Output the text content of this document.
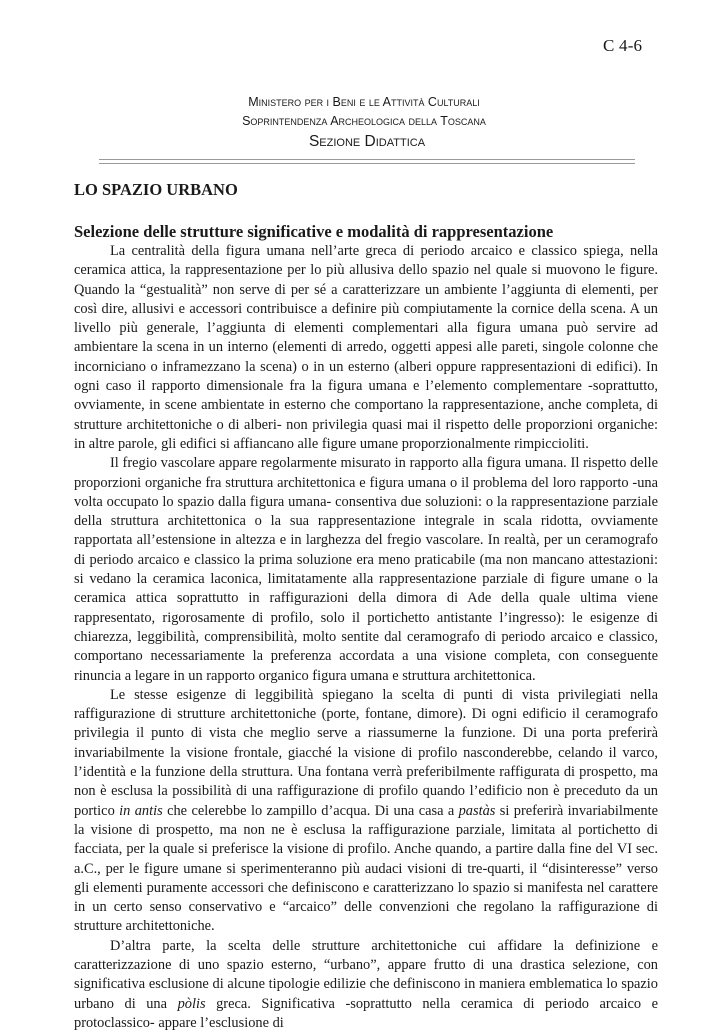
C 4-6
Ministero per i Beni e le Attività Culturali
Soprintendenza Archeologica della Toscana
Sezione Didattica
LO SPAZIO URBANO
Selezione delle strutture significative e modalità di rappresentazione

La centralità della figura umana nell’arte greca di periodo arcaico e classico spiega, nella ceramica attica, la rappresentazione per lo più allusiva dello spazio nel quale si muovono le figure. Quando la “gestualità” non serve di per sé a caratterizzare un ambiente l’aggiunta di elementi, per così dire, allusivi e accessori contribuisce a definire più compiutamente la cornice della scena. A un livello più generale, l’aggiunta di elementi complementari alla figura umana può servire ad ambientare la scena in un interno (elementi di arredo, oggetti appesi alle pareti, singole colonne che incorniciano o inframezzano la scena) o in un esterno (alberi oppure rappresentazioni di edifici). In ogni caso il rapporto dimensionale fra la figura umana e l’elemento complementare -soprattutto, ovviamente, in scene ambientate in esterno che comportano la rappresentazione, anche completa, di strutture architettoniche o di alberi- non privilegia quasi mai il rispetto delle proporzioni organiche: in altre parole, gli edifici si affiancano alle figure umane proporzionalmente rimpiccioliti.

Il fregio vascolare appare regolarmente misurato in rapporto alla figura umana. Il rispetto delle proporzioni organiche fra struttura architettonica e figura umana o il problema del loro rapporto -una volta occupato lo spazio dalla figura umana- consentiva due soluzioni: o la rappresentazione parziale della struttura architettonica o la sua rappresentazione integrale in scala ridotta, ovviamente rapportata all’estensione in altezza e in larghezza del fregio vascolare. In realtà, per un ceramografo di periodo arcaico e classico la prima soluzione era meno praticabile (ma non mancano attestazioni: si vedano la ceramica laconica, limitatamente alla rappresentazione parziale di figure umane o la ceramica attica soprattutto in raffigurazioni della dimora di Ade della quale ultima viene rappresentato, rigorosamente di profilo, solo il portichetto antistante l’ingresso): le esigenze di chiarezza, leggibilità, comprensibilità, molto sentite dal ceramografo di periodo arcaico e classico, comportano necessariamente la preferenza accordata a una visione completa, con conseguente rinuncia a legare in un rapporto organico figura umana e struttura architettonica.

Le stesse esigenze di leggibilità spiegano la scelta di punti di vista privilegiati nella raffigurazione di strutture architettoniche (porte, fontane, dimore). Di ogni edificio il ceramografo privilegia il punto di vista che meglio serve a riassumerne la funzione. Di una porta preferirà invariabilmente la visione frontale, giacché la visione di profilo nasconderebbe, celando il varco, l’identità e la funzione della struttura. Una fontana verrà preferibilmente raffigurata di prospetto, ma non è esclusa la possibilità di una raffigurazione di profilo quando l’edificio non è preceduto da un portico in antis che celerebbe lo zampillo d’acqua. Di una casa a pastàs si preferirà invariabilmente la visione di prospetto, ma non ne è esclusa la raffigurazione parziale, limitata al portichetto di facciata, per la quale si preferisce la visione di profilo. Anche quando, a partire dalla fine del VI sec. a.C., per le figure umane si sperimenteranno più audaci visioni di tre-quarti, il “disinteresse” verso gli elementi puramente accessori che definiscono e caratterizzano lo spazio si manifesta nel carattere in un certo senso conservativo e “arcaico” delle convenzioni che regolano la raffigurazione di strutture architettoniche.

D’altra parte, la scelta delle strutture architettoniche cui affidare la definizione e caratterizzazione di uno spazio esterno, “urbano”, appare frutto di una drastica selezione, con significativa esclusione di alcune tipologie edilizie che definiscono in maniera emblematica lo spazio urbano di una pòlis greca. Significativa -soprattutto nella ceramica di periodo arcaico e protoclassico- appare l’esclusione di
